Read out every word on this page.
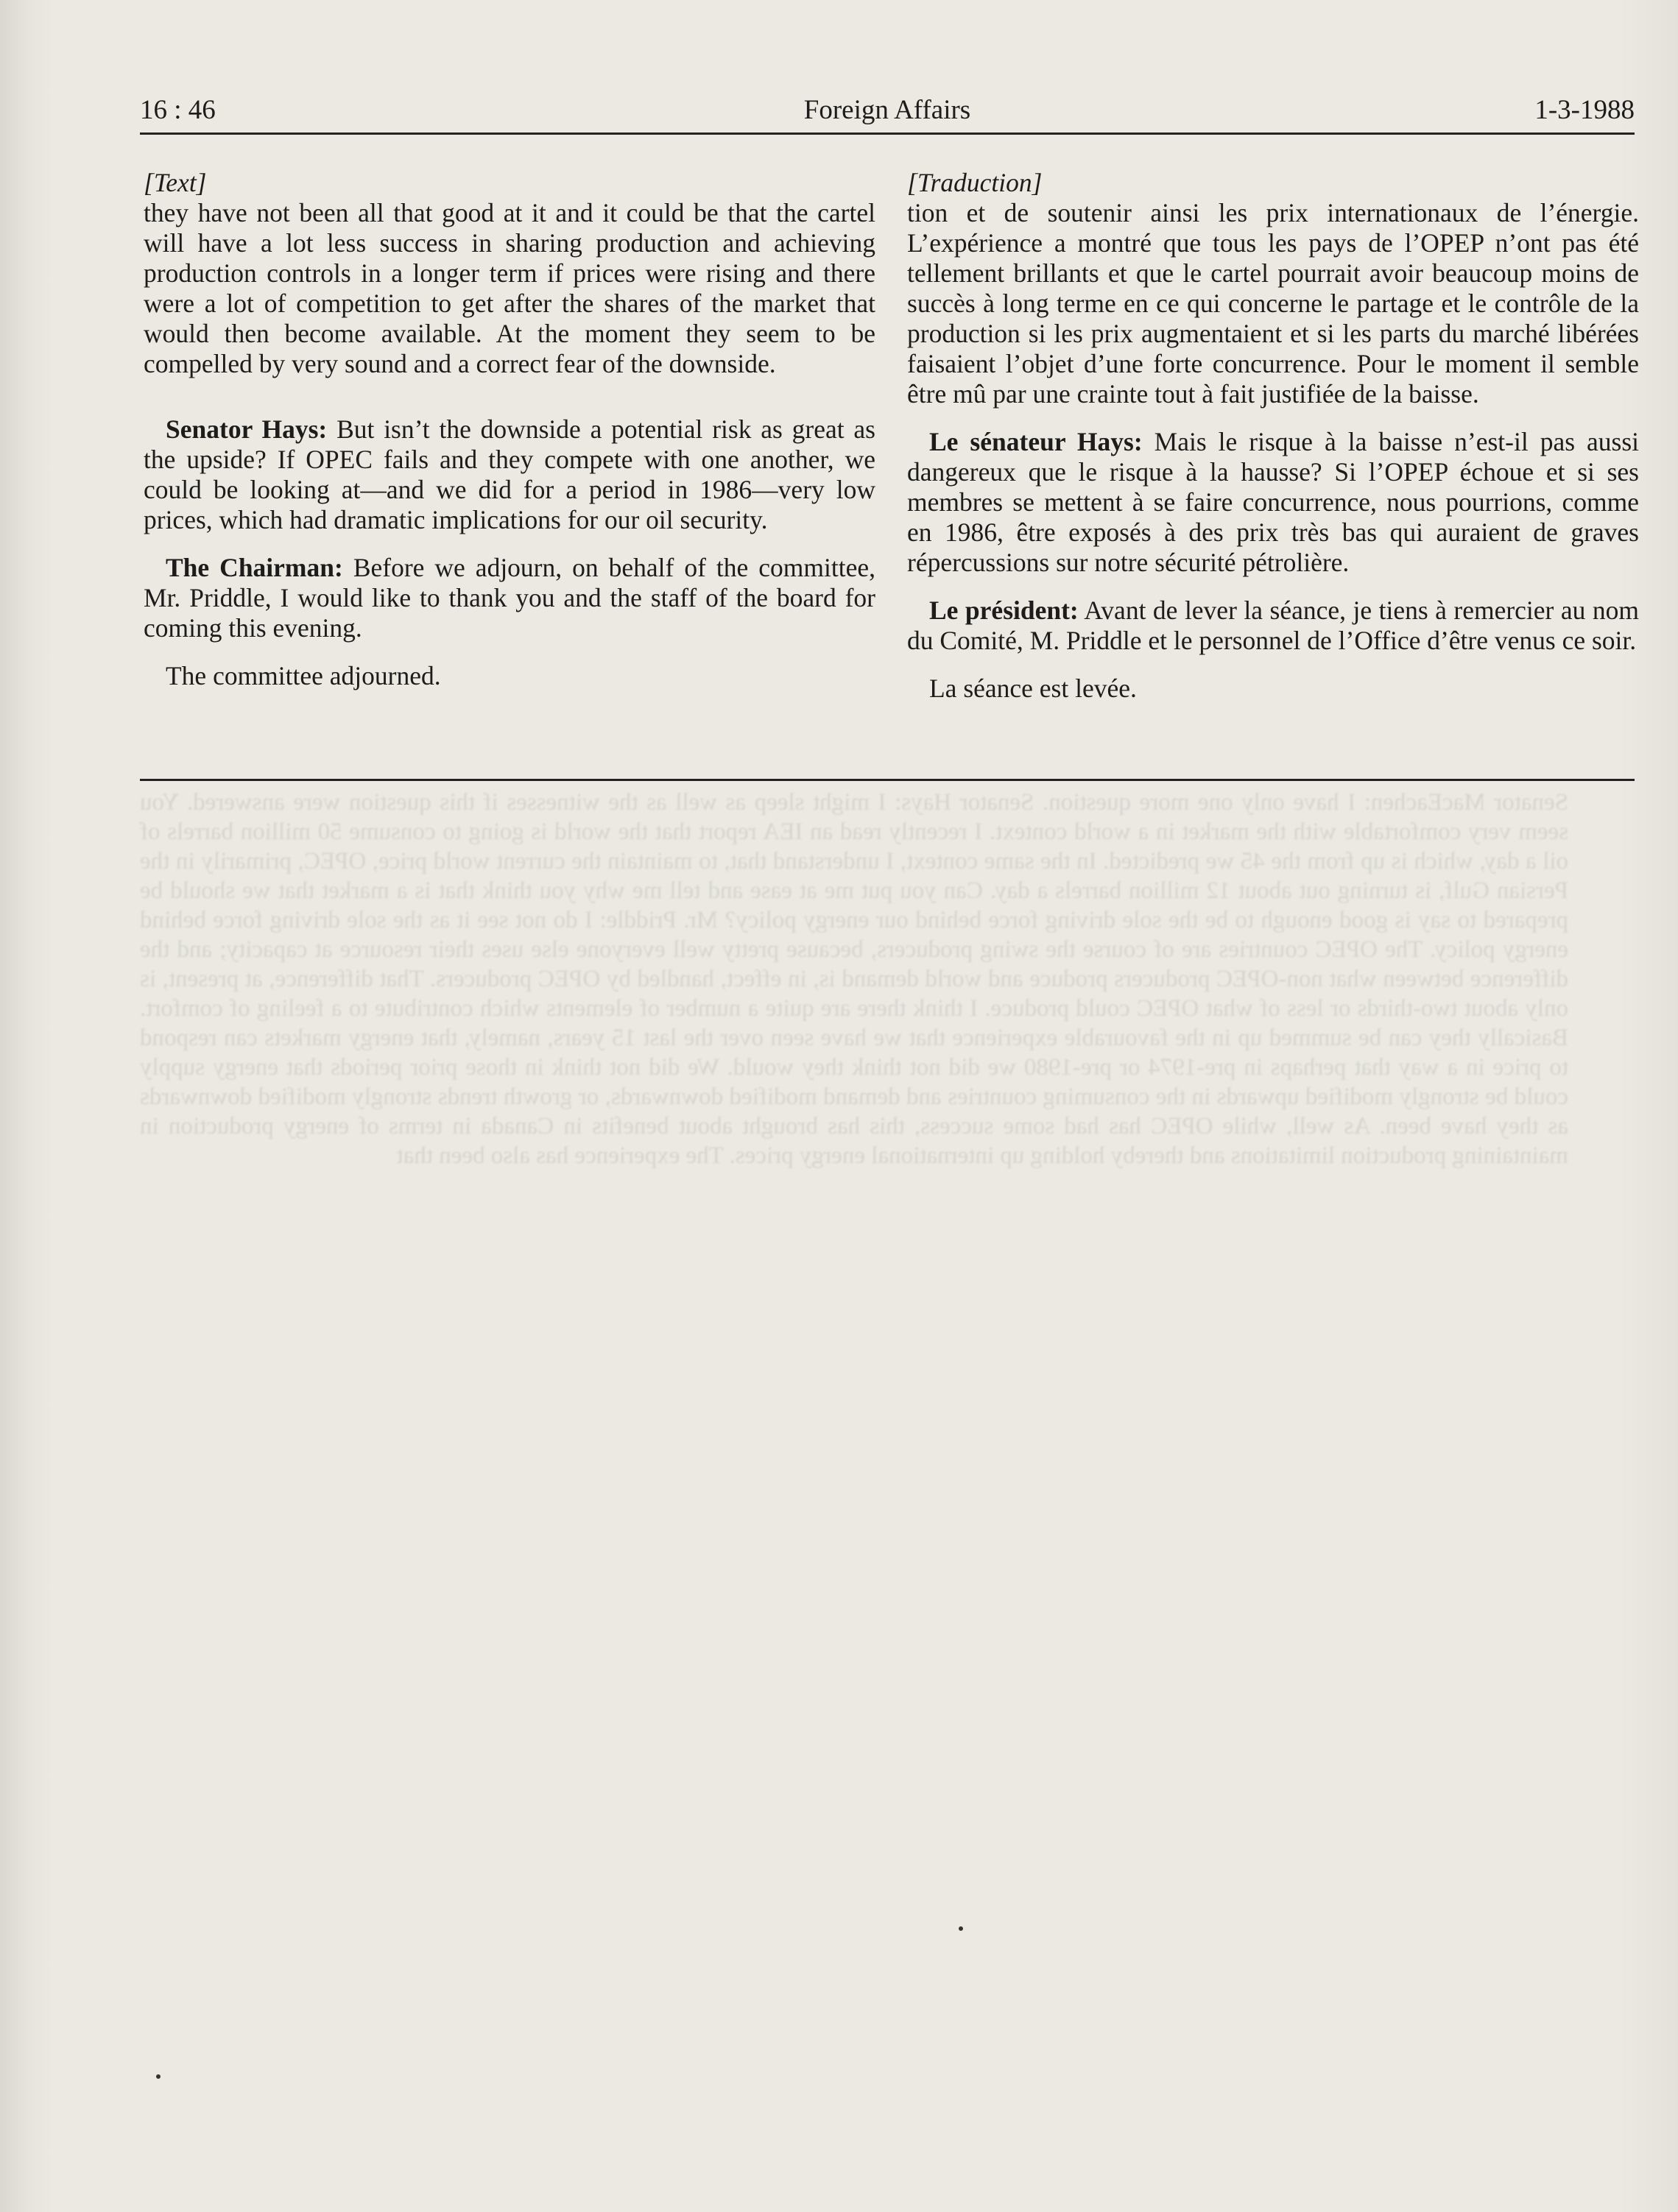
Senator MacEachen: I have only one more question. Senator Hays: I might sleep as well as the witnesses if this question were answered. You seem very comfortable with the market in a world context. I recently read an IEA report that the world is going to consume 50 million barrels of oil a day, which is up from the 45 we predicted. In the same context, I understand that, to maintain the current world price, OPEC, primarily in the Persian Gulf, is turning out about 12 million barrels a day. Can you put me at ease and tell me why you think that is a market that we should be prepared to say is good enough to be the sole driving force behind our energy policy? Mr. Priddle: I do not see it as the sole driving force behind energy policy. The OPEC countries are of course the swing producers, because pretty well everyone else uses their resource at capacity; and the difference between what non-OPEC producers produce and world demand is, in effect, handled by OPEC producers. That difference, at present, is only about two-thirds or less of what OPEC could produce. I think there are quite a number of elements which contribute to a feeling of comfort. Basically they can be summed up in the favourable experience that we have seen over the last 15 years, namely, that energy markets can respond to price in a way that perhaps in pre-1974 or pre-1980 we did not think they would. We did not think in those prior periods that energy supply could be strongly modified upwards in the consuming countries and demand modified downwards, or growth trends strongly modified downwards as they have been. As well, while OPEC has had some success, this has brought about benefits in Canada in terms of energy production in maintaining production limitations and thereby holding up international energy prices. The experience has also been that
16 : 46	Foreign Affairs	1-3-1988

[Text]

they have not been all that good at it and it could be that the cartel will have a lot less success in sharing production and achieving production controls in a longer term if prices were rising and there were a lot of competition to get after the shares of the market that would then become available. At the moment they seem to be compelled by very sound and a correct fear of the downside.

Senator Hays: But isn’t the downside a potential risk as great as the upside? If OPEC fails and they compete with one another, we could be looking at—and we did for a period in 1986—very low prices, which had dramatic implications for our oil security.

The Chairman: Before we adjourn, on behalf of the committee, Mr. Priddle, I would like to thank you and the staff of the board for coming this evening.

The committee adjourned.

[Traduction]

tion et de soutenir ainsi les prix internationaux de l’énergie. L’expérience a montré que tous les pays de l’OPEP n’ont pas été tellement brillants et que le cartel pourrait avoir beaucoup moins de succès à long terme en ce qui concerne le partage et le contrôle de la production si les prix augmentaient et si les parts du marché libérées faisaient l’objet d’une forte concurrence. Pour le moment il semble être mû par une crainte tout à fait justifiée de la baisse.

Le sénateur Hays: Mais le risque à la baisse n’est-il pas aussi dangereux que le risque à la hausse? Si l’OPEP échoue et si ses membres se mettent à se faire concurrence, nous pourrions, comme en 1986, être exposés à des prix très bas qui auraient de graves répercussions sur notre sécurité pétrolière.

Le président: Avant de lever la séance, je tiens à remercier au nom du Comité, M. Priddle et le personnel de l’Office d’être venus ce soir.

La séance est levée.
